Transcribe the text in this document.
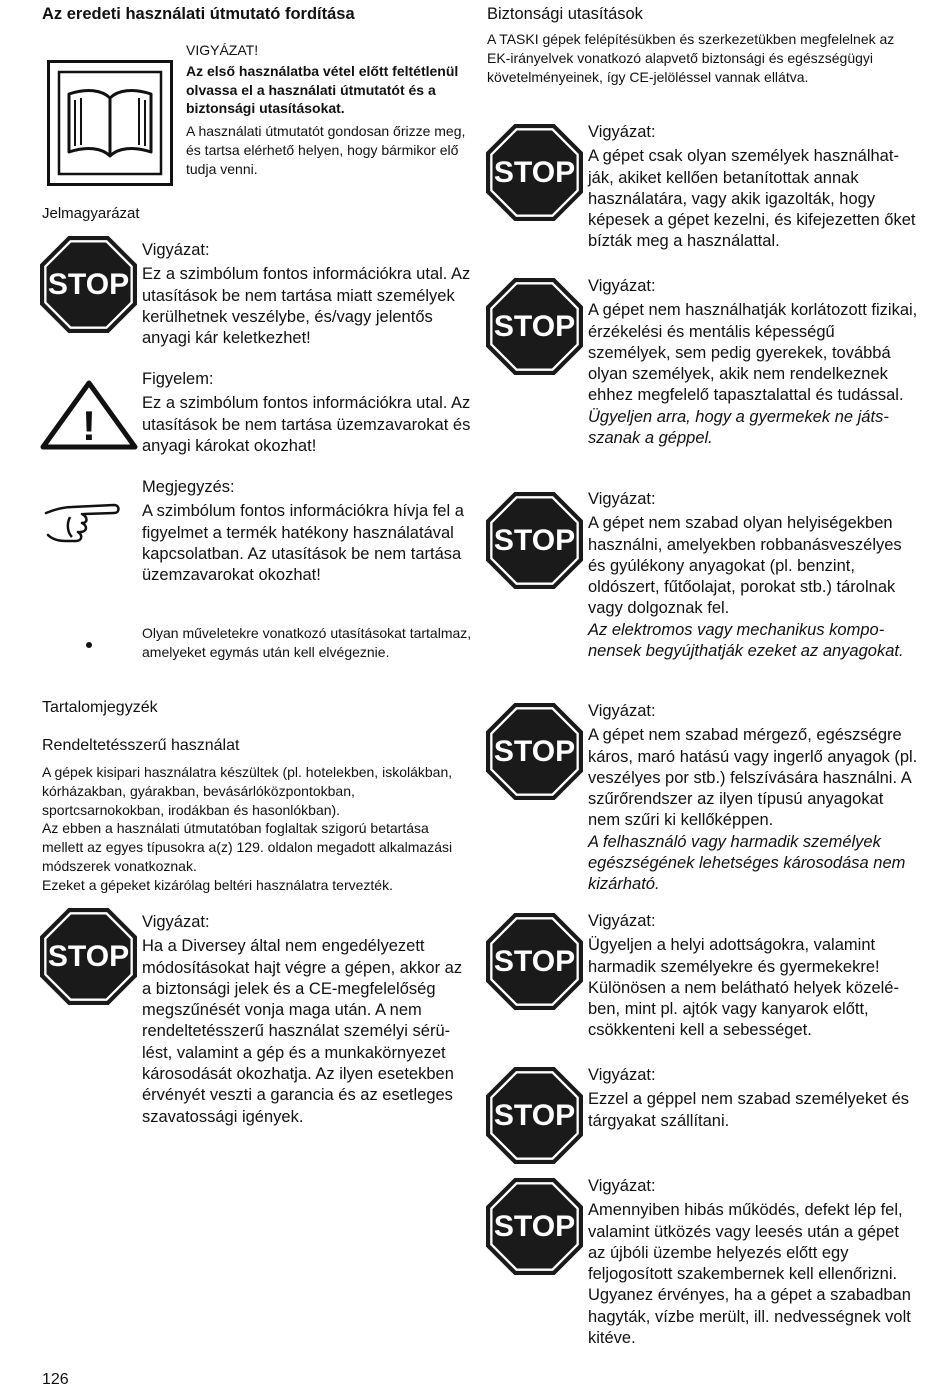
Az eredeti használati útmutató fordítása

VIGYÁZAT!

Az első használatba vétel előtt feltétlenül olvassa el a használati útmutatót és a biztonsági utasításokat.

A használati útmutatót gondosan őrizze meg, és tartsa elérhető helyen, hogy bármikor elő tudja venni.

Jelmagyarázat
STOP

Vigyázat:

Ez a szimbólum fontos információkra utal. Az utasítások be nem tartása miatt személyek kerülhetnek veszélybe, és/vagy jelentős anyagi kár keletkezhet!

!

Figyelem:

Ez a szimbólum fontos információkra utal. Az utasítások be nem tartása üzemzavarokat és anyagi károkat okozhat!

Megjegyzés:

A szimbólum fontos információkra hívja fel a figyelmet a termék hatékony használatával kapcsolatban. Az utasítások be nem tartása üzemzavarokat okozhat!

Olyan műveletekre vonatkozó utasításokat tartalmaz, amelyeket egymás után kell elvégeznie.

Tartalomjegyzék
Rendeltetésszerű használat

A gépek kisipari használatra készültek (pl. hotelekben, iskolákban, kórházakban, gyárakban, bevásárlóközpontokban, sportcsarnokokban, irodákban és hasonlókban).

Az ebben a használati útmutatóban foglaltak szigorú betartása mellett az egyes típusokra a(z) 129. oldalon megadott alkalmazási módszerek vonatkoznak.

Ezeket a gépeket kizárólag beltéri használatra tervezték.

STOP

Vigyázat:

Ha a Diversey által nem engedélyezett módosításokat hajt végre a gépen, akkor az a biztonsági jelek és a CE-megfelelőség megszűnését vonja maga után. A nem rendeltetésszerű használat személyi sérülést, valamint a gép és a munkakörnyezet károsodását okozhatja. Az ilyen esetekben érvényét veszti a garancia és az esetleges szavatossági igények.

126
Biztonsági utasítások
A TASKI gépek felépítésükben és szerkezetükben megfelelnek az EK-irányelvek vonatkozó alapvető biztonsági és egészségügyi követelményeinek, így CE-jelöléssel vannak ellátva.
STOP

Vigyázat:

A gépet csak olyan személyek használhatják, akiket kellően betanítottak annak használatára, vagy akik igazolták, hogy képesek a gépet kezelni, és kifejezetten őket bízták meg a használattal.

STOP

Vigyázat:

A gépet nem használhatják korlátozott fizikai, érzékelési és mentális képességű személyek, sem pedig gyerekek, továbbá olyan személyek, akik nem rendelkeznek ehhez megfelelő tapasztalattal és tudással.

Ügyeljen arra, hogy a gyermekek ne játsszanak a géppel.

STOP

Vigyázat:

A gépet nem szabad olyan helyiségekben használni, amelyekben robbanásveszélyes és gyúlékony anyagokat (pl. benzint, oldószert, fűtőolajat, porokat stb.) tárolnak vagy dolgoznak fel.

Az elektromos vagy mechanikus komponensek begyújthatják ezeket az anyagokat.

STOP

Vigyázat:

A gépet nem szabad mérgező, egészségre káros, maró hatású vagy ingerlő anyagok (pl. veszélyes por stb.) felszívására használni. A szűrőrendszer az ilyen típusú anyagokat nem szűri ki kellőképpen.

A felhasználó vagy harmadik személyek egészségének lehetséges károsodása nem kizárható.

STOP

Vigyázat:

Ügyeljen a helyi adottságokra, valamint harmadik személyekre és gyermekekre! Különösen a nem belátható helyek közelében, mint pl. ajtók vagy kanyarok előtt, csökkenteni kell a sebességet.

STOP

Vigyázat:

Ezzel a géppel nem szabad személyeket és tárgyakat szállítani.

STOP

Vigyázat:

Amennyiben hibás működés, defekt lép fel, valamint ütközés vagy leesés után a gépet az újbóli üzembe helyezés előtt egy feljogosított szakembernek kell ellenőrizni. Ugyanez érvényes, ha a gépet a szabadban hagyták, vízbe merült, ill. nedvességnek volt kitéve.
